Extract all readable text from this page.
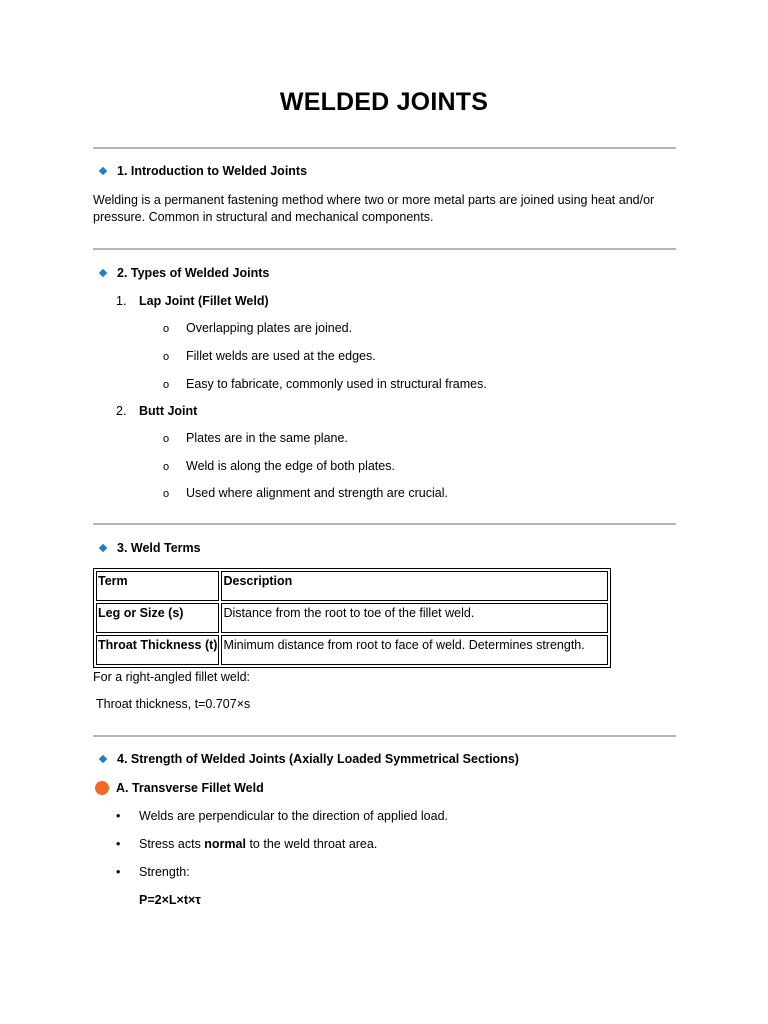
WELDED JOINTS
1. Introduction to Welded Joints
Welding is a permanent fastening method where two or more metal parts are joined using heat and/or pressure. Common in structural and mechanical components.
2. Types of Welded Joints
1. Lap Joint (Fillet Weld)
o Overlapping plates are joined.
o Fillet welds are used at the edges.
o Easy to fabricate, commonly used in structural frames.
2. Butt Joint
o Plates are in the same plane.
o Weld is along the edge of both plates.
o Used where alignment and strength are crucial.
3. Weld Terms
Term	Description
Leg or Size (s)	Distance from the root to toe of the fillet weld.
Throat Thickness (t)	Minimum distance from root to face of weld. Determines strength.
For a right-angled fillet weld:
Throat thickness, t=0.707×s
4. Strength of Welded Joints (Axially Loaded Symmetrical Sections)
A. Transverse Fillet Weld
• Welds are perpendicular to the direction of applied load.
• Stress acts normal to the weld throat area.
• Strength:
P=2×L×t×τ
